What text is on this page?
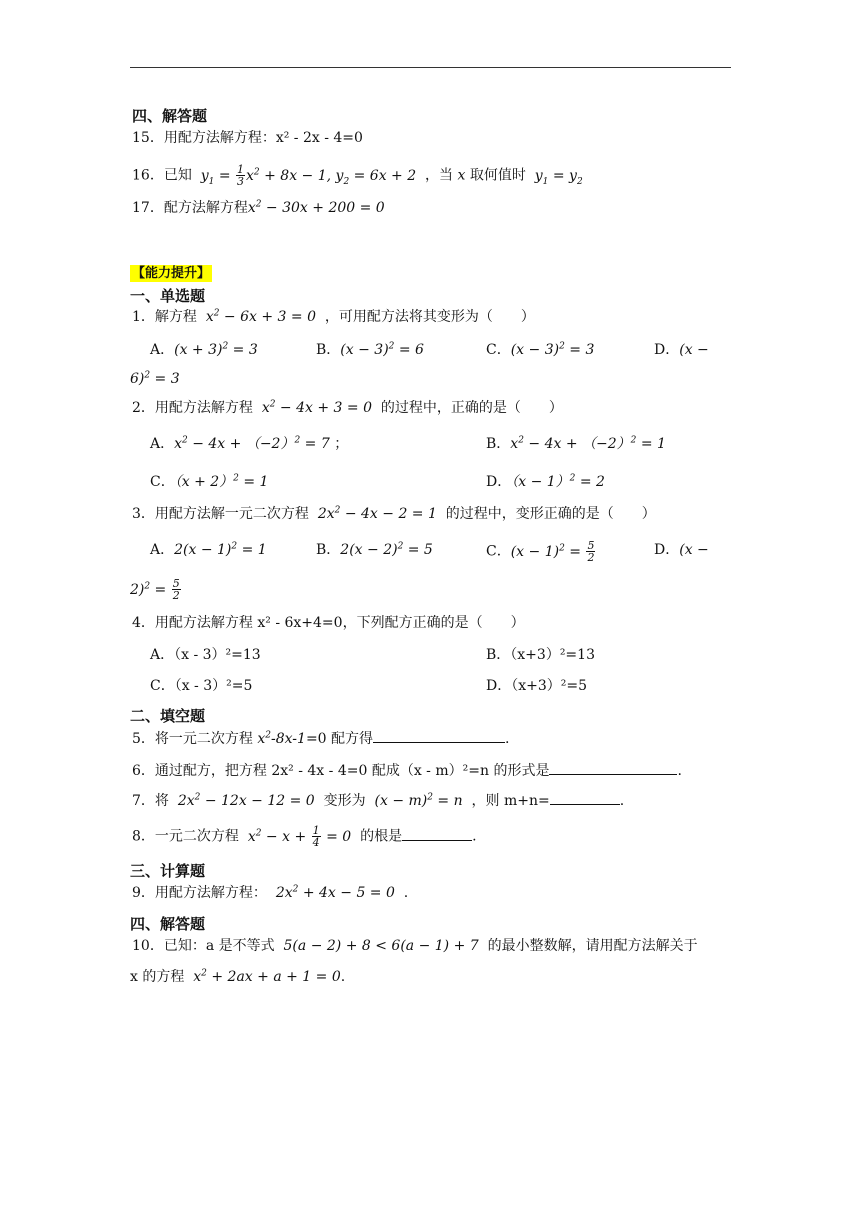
四、解答题
15．用配方法解方程：x² - 2x - 4=0
16．已知  $y_1 = \frac{1}{3} x^2 + 8x - 1$, $y_2 = 6x + 2$  ，当 x 取何值时  $y_1 = y_2$
17．配方法解方程$x^2 - 30x + 200 = 0$
【能力提升】
一、单选题
1．解方程  $x^2 - 6x + 3 = 0$  ，可用配方法将其变形为（　　）
A．$(x + 3)^2 = 3$	B．$(x - 3)^2 = 6$	C．$(x - 3)^2 = 3$	D．(x −
6)$^2$ = 3
2．用配方法解方程  $x^2 - 4x + 3 = 0$  的过程中，正确的是（　　）
A．$x^2 - 4x + (-2)^2 = 7$ ；	B．$x^2 - 4x + (-2)^2 = 1$
C．$(x + 2)^2 = 1$	D．$(x - 1)^2 = 2$
3．用配方法解一元二次方程  $2x^2 - 4x - 2 = 1$  的过程中，变形正确的是（　　）
A．$2(x - 1)^2 = 1$	B．$2(x - 2)^2 = 5$	C．$(x - 1)^2 = \frac{5}{2}$	D．(x −
$2)^2 = \frac{5}{2}$
4．用配方法解方程 x² - 6x+4=0，下列配方正确的是（　　）
A．（x - 3）²=13	B．（x+3）²=13
C．（x - 3）²=5	D．（x+3）²=5
二、填空题
5．将一元二次方程 $x^2-8x-1=0$ 配方得	.
6．通过配方，把方程 2x² - 4x - 4=0 配成（x - m）²=n 的形式是	.
7．将  $2x^2 - 12x - 12 = 0$  变形为  $(x - m)^2 = n$  ，则 m+n=	.
8．一元二次方程  $x^2 - x + \frac{1}{4} = 0$  的根是	.
三、计算题
9．用配方法解方程：  $2x^2 + 4x - 5 = 0$  .
四、解答题
10．已知：a 是不等式  5(a − 2) + 8 < 6(a − 1) + 7  的最小整数解，请用配方法解关于
x 的方程  $x^2 + 2ax + a + 1 = 0$.
